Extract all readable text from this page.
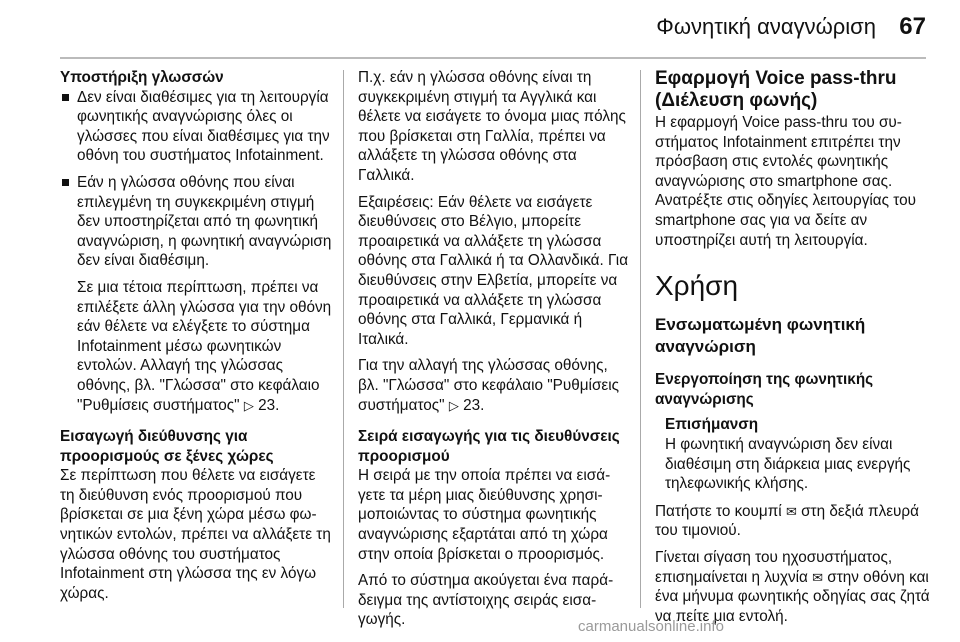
Φωνητική αναγνώριση 67
Υποστήριξη γλωσσών

Δεν είναι διαθέσιμες για τη λειτουργία φωνητικής αναγνώρισης όλες οι γλώσσες που είναι διαθέσιμες για την οθόνη του συστήματος Infotainment.

Εάν η γλώσσα οθόνης που είναι επιλεγμένη τη συγκεκριμένη στιγμή δεν υποστηρίζεται από τη φωνητική αναγνώριση, η φωνητική αναγνώριση δεν είναι διαθέσιμη.

Σε μια τέτοια περίπτωση, πρέπει να επιλέξετε άλλη γλώσσα για την οθόνη εάν θέλετε να ελέγξετε το σύστημα Infotainment μέσω φωνητικών εντολών. Αλλαγή της γλώσσας οθόνης, βλ. "Γλώσσα" στο κεφάλαιο "Ρυθμίσεις συστήματος" ▷ 23.

Εισαγωγή διεύθυνσης για προορισμούς σε ξένες χώρες

Σε περίπτωση που θέλετε να εισάγετε τη διεύθυνση ενός προορισμού που βρίσκεται σε μια ξένη χώρα μέσω φωνητικών εντολών, πρέπει να αλλάξετε τη γλώσσα οθόνης του συστήματος Infotainment στη γλώσσα της εν λόγω χώρας.

Π.χ. εάν η γλώσσα οθόνης είναι τη συγκεκριμένη στιγμή τα Αγγλικά και θέλετε να εισάγετε το όνομα μιας πόλης που βρίσκεται στη Γαλλία, πρέπει να αλλάξετε τη γλώσσα οθόνης στα Γαλλικά.

Εξαιρέσεις: Εάν θέλετε να εισάγετε διευθύνσεις στο Βέλγιο, μπορείτε προαιρετικά να αλλάξετε τη γλώσσα οθόνης στα Γαλλικά ή τα Ολλανδικά. Για διευθύνσεις στην Ελβετία, μπορείτε να προαιρετικά να αλλάξετε τη γλώσσα οθόνης στα Γαλλικά, Γερμανικά ή Ιταλικά.

Για την αλλαγή της γλώσσας οθόνης, βλ. "Γλώσσα" στο κεφάλαιο "Ρυθμίσεις συστήματος" ▷ 23.

Σειρά εισαγωγής για τις διευθύνσεις προορισμού

Η σειρά με την οποία πρέπει να εισάγετε τα μέρη μιας διεύθυνσης χρησιμοποιώντας το σύστημα φωνητικής αναγνώρισης εξαρτάται από τη χώρα στην οποία βρίσκεται ο προορισμός.

Από το σύστημα ακούγεται ένα παράδειγμα της αντίστοιχης σειράς εισαγωγής.

Εφαρμογή Voice pass-thru (Διέλευση φωνής)

Η εφαρμογή Voice pass-thru του συστήματος Infotainment επιτρέπει την πρόσβαση στις εντολές φωνητικής αναγνώρισης στο smartphone σας. Ανατρέξτε στις οδηγίες λειτουργίας του smartphone σας για να δείτε αν υποστηρίζει αυτή τη λειτουργία.

Χρήση
Ενσωματωμένη φωνητική αναγνώριση
Ενεργοποίηση της φωνητικής αναγνώρισης
Επισήμανση

Η φωνητική αναγνώριση δεν είναι διαθέσιμη στη διάρκεια μιας ενεργής τηλεφωνικής κλήσης.

Πατήστε το κουμπί ✉ στη δεξιά πλευρά του τιμονιού.

Γίνεται σίγαση του ηχοσυστήματος, επισημαίνεται η λυχνία ✉ στην οθόνη και ένα μήνυμα φωνητικής οδηγίας σας ζητά να πείτε μια εντολή.

carmanualsonline.info
